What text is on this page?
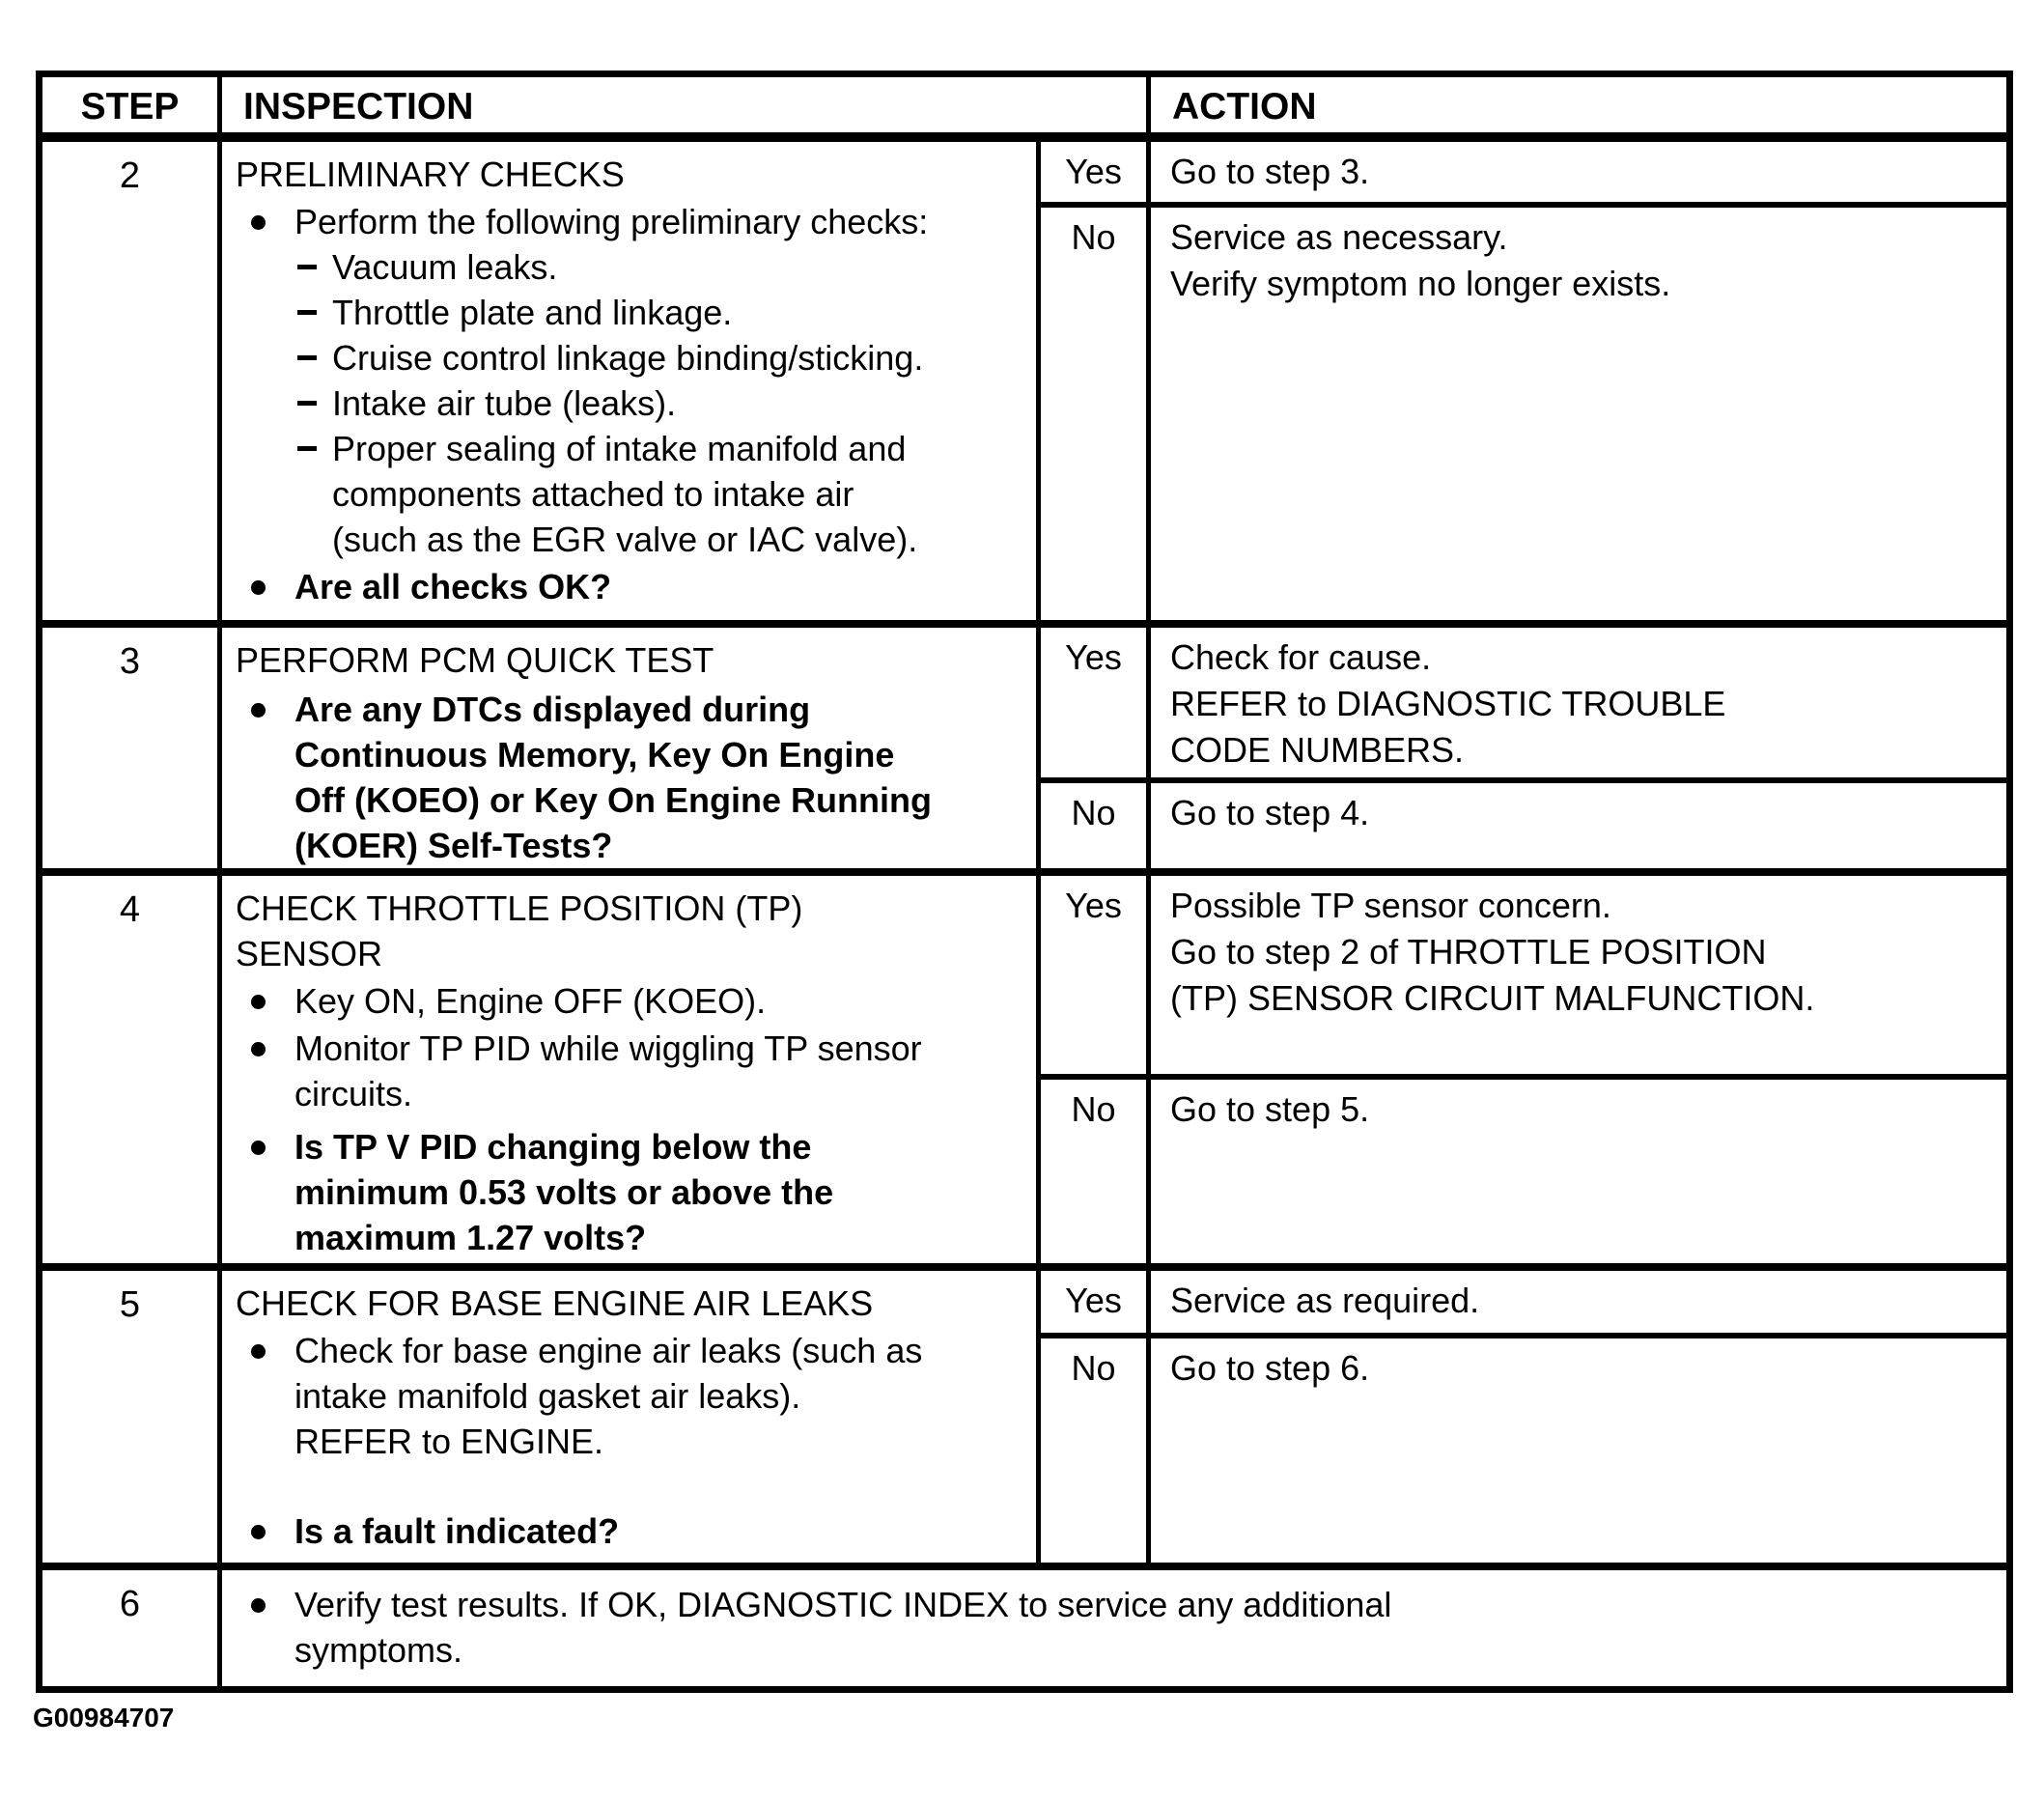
STEP	INSPECTION	ACTION
2	PRELIMINARY CHECKS
Perform the following preliminary checks:
Vacuum leaks.
Throttle plate and linkage.
Cruise control linkage binding/sticking.
Intake air tube (leaks).
Proper sealing of intake manifold and
components attached to intake air
(such as the EGR valve or IAC valve).
Are all checks OK?
Yes	Go to step 3.
No	Service as necessary.
Verify symptom no longer exists.
3	PERFORM PCM QUICK TEST
Are any DTCs displayed during
Continuous Memory, Key On Engine
Off (KOEO) or Key On Engine Running
(KOER) Self-Tests?
Yes	Check for cause.
REFER to DIAGNOSTIC TROUBLE
CODE NUMBERS.
No	Go to step 4.
4	CHECK THROTTLE POSITION (TP)
SENSOR
Key ON, Engine OFF (KOEO).
Monitor TP PID while wiggling TP sensor
circuits.
Is TP V PID changing below the
minimum 0.53 volts or above the
maximum 1.27 volts?
Yes	Possible TP sensor concern.
Go to step 2 of THROTTLE POSITION
(TP) SENSOR CIRCUIT MALFUNCTION.
No	Go to step 5.
5	CHECK FOR BASE ENGINE AIR LEAKS
Check for base engine air leaks (such as
intake manifold gasket air leaks).
REFER to ENGINE.
Is a fault indicated?
Yes	Service as required.
No	Go to step 6.
6	Verify test results. If OK, DIAGNOSTIC INDEX to service any additional
symptoms.
G00984707
